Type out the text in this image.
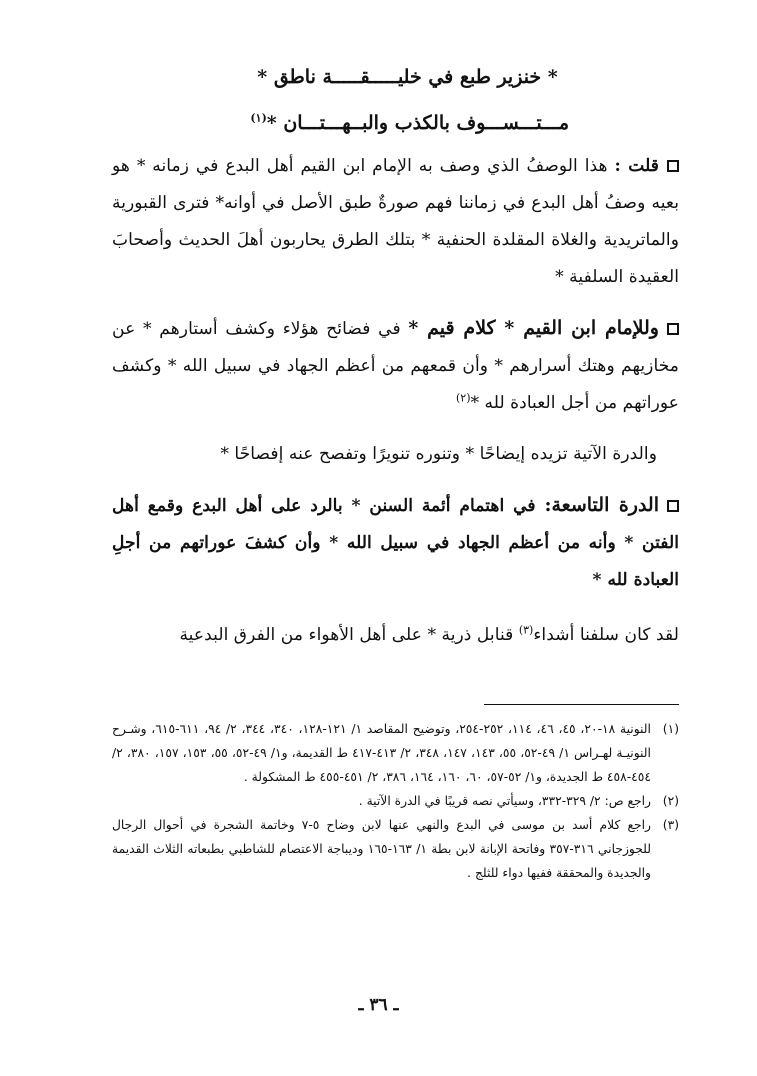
* خنزير طبع في خليـــــقـــــة ناطق *

مـــتـــســـوف بالكذب والبــهـــتـــان *$^{(١)}$

قلت : هذا الوصفُ الذي وصف به الإمام ابن القيم أهل البدع في زمانه * هو بعيه وصفُ أهل البدع في زماننا فهم صورةٌ طبق الأصل في أوانه* فترى القبورية والماتريدية والغلاة المقلدة الحنفية * بتلك الطرق يحاربون أهلَ الحديث وأصحابَ العقيدة السلفية *

وللإمام ابن القيم * كلام قيم * في فضائح هؤلاء وكشف أستارهم * عن مخازيهم وهتك أسرارهم * وأن قمعهم من أعظم الجهاد في سبيل الله * وكشف عوراتهم من أجل العبادة لله *$^{(٢)}$

والدرة الآتية تزيده إيضاحًا * وتنوره تنويرًا وتفصح عنه إفصاحًا *

الدرة التاسعة: في اهتمام أئمة السنن * بالرد على أهل البدع وقمع أهل الفتن * وأنه من أعظم الجهاد في سبيل الله * وأن كشفَ عوراتهم من أجلِ العبادة لله *

لقد كان سلفنا أشداء$^{(٣)}$ قنابل ذرية * على أهل الأهواء من الفرق البدعية

(١)
النونية ١٨-٢٠، ٤٥، ٤٦، ١١٤، ٢٥٢-٢٥٤، وتوضيح المقاصد ١/ ١٢١-١٢٨، ٣٤٠، ٣٤٤، ٢/ ٩٤، ٦١١-٦١٥، وشـرح النونيـة لهـراس ١/ ٤٩-٥٢، ٥٥، ١٤٣، ١٤٧، ٣٤٨، ٢/ ٤١٣-٤١٧ ط القديمة، و١/ ٤٩-٥٢، ٥٥، ١٥٣، ١٥٧، ٣٨٠، ٢/ ٤٥٤-٤٥٨ ط الجديدة، و١/ ٥٢-٥٧، ٦٠، ١٦٠، ١٦٤، ٣٨٦، ٢/ ٤٥١-٤٥٥ ط المشكولة .
(٢)
راجع ص: ٢/ ٣٢٩-٣٣٢، وسيأتي نصه قريبًا في الدرة الآتية .
(٣)
راجع كلام أسد بن موسى في البدع والنهي عنها لابن وضاح ٥-٧ وخاتمة الشجرة في أحوال الرجال للجوزجاني ٣١٦-٣٥٧ وفاتحة الإبانة لابن بطة ١/ ١٦٣-١٦٥ وديباجة الاعتصام للشاطبي بطبعاته الثلاث القديمة والجديدة والمحققة ففيها دواء للثلج .
ـ ٣٦ ـ
